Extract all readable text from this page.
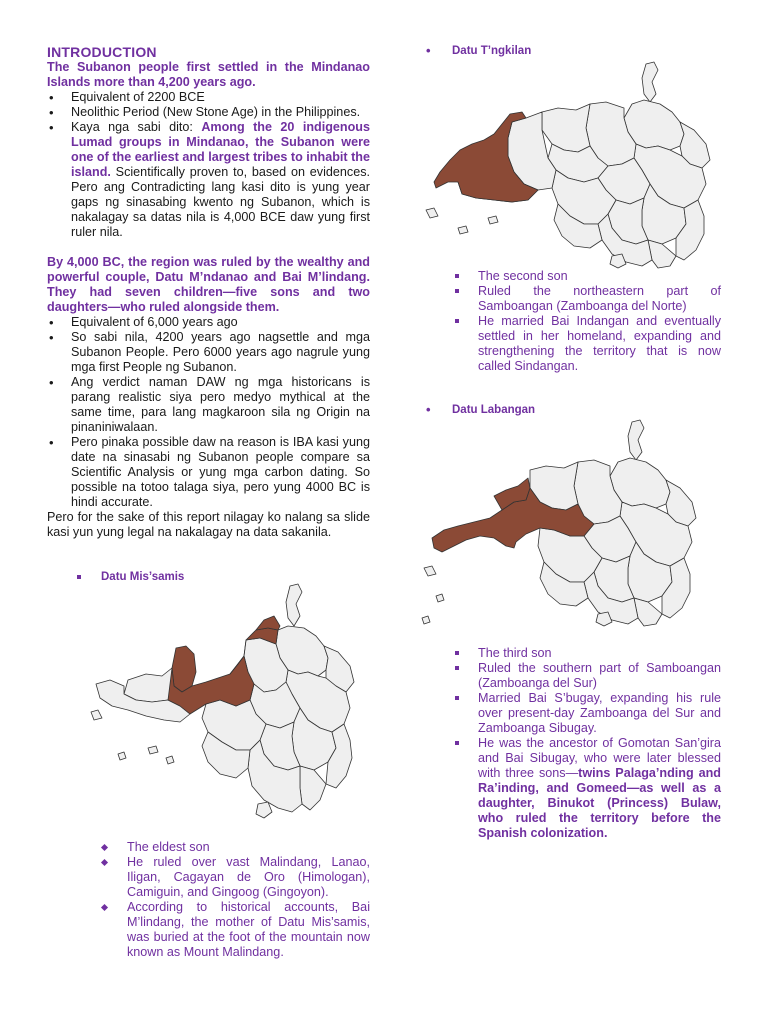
INTRODUCTION
The Subanon people first settled in the Mindanao Islands more than 4,200 years ago.
• Equivalent of 2200 BCE
• Neolithic Period (New Stone Age) in the Philippines.
• Kaya nga sabi dito: Among the 20 indigenous Lumad groups in Mindanao, the Subanon were one of the earliest and largest tribes to inhabit the island. Scientifically proven to, based on evidences. Pero ang Contradicting lang kasi dito is yung year gaps ng sinasabing kwento ng Subanon, which is nakalagay sa datas nila is 4,000 BCE daw yung first ruler nila.
By 4,000 BC, the region was ruled by the wealthy and powerful couple, Datu M’ndanao and Bai M’lindang. They had seven children—five sons and two daughters—who ruled alongside them.
• Equivalent of 6,000 years ago
• So sabi nila, 4200 years ago nagsettle and mga Subanon People. Pero 6000 years ago nagrule yung mga first People ng Subanon.
• Ang verdict naman DAW ng mga historicans is parang realistic siya pero medyo mythical at the same time, para lang magkaroon sila ng Origin na pinaniniwalaan.
• Pero pinaka possible daw na reason is IBA kasi yung date na sinasabi ng Subanon people compare sa Scientific Analysis or yung mga carbon dating. So possible na totoo talaga siya, pero yung 4000 BC is hindi accurate.
Pero for the sake of this report nilagay ko nalang sa slide kasi yun yung legal na nakalagay na data sakanila.
Datu Mis’samis
The eldest son
He ruled over vast Malindang, Lanao, Iligan, Cagayan de Oro (Himologan), Camiguin, and Gingoog (Gingoyon).
According to historical accounts, Bai M’lindang, the mother of Datu Mis’samis, was buried at the foot of the mountain now known as Mount Malindang.
• Datu T’ngkilan
The second son
Ruled the northeastern part of Samboangan (Zamboanga del Norte)
He married Bai Indangan and eventually settled in her homeland, expanding and strengthening the territory that is now called Sindangan.
• Datu Labangan
The third son
Ruled the southern part of Samboangan (Zamboanga del Sur)
Married Bai S’bugay, expanding his rule over present-day Zamboanga del Sur and Zamboanga Sibugay.
He was the ancestor of Gomotan San’gira and Bai Sibugay, who were later blessed with three sons—twins Palaga’nding and Ra’inding, and Gomeed—as well as a daughter, Binukot (Princess) Bulaw, who ruled the territory before the Spanish colonization.
